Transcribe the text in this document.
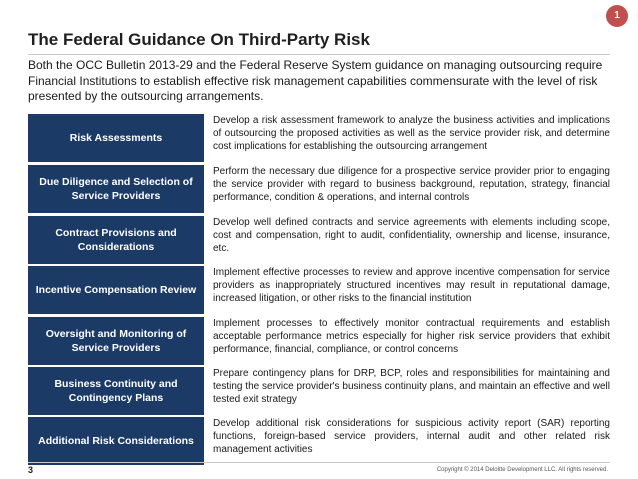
1
The Federal Guidance On Third-Party Risk

Both the OCC Bulletin 2013-29 and the Federal Reserve System guidance on managing outsourcing require Financial Institutions to establish effective risk management capabilities commensurate with the level of risk presented by the outsourcing arrangements.

Risk Assessments
Develop a risk assessment framework to analyze the business activities and implications of outsourcing the proposed activities as well as the service provider risk, and determine cost implications for establishing the outsourcing arrangement
Due Diligence and Selection of Service Providers
Perform the necessary due diligence for a prospective service provider prior to engaging the service provider with regard to business background, reputation, strategy, financial performance, condition & operations, and internal controls
Contract Provisions and Considerations
Develop well defined contracts and service agreements with elements including scope, cost and compensation, right to audit, confidentiality, ownership and license, insurance, etc.
Incentive Compensation Review
Implement effective processes to review and approve incentive compensation for service providers as inappropriately structured incentives may result in reputational damage, increased litigation, or other risks to the financial institution
Oversight and Monitoring of Service Providers
Implement processes to effectively monitor contractual requirements and establish acceptable performance metrics especially for higher risk service providers that exhibit performance, financial, compliance, or control concerns
Business Continuity and Contingency Plans
Prepare contingency plans for DRP, BCP, roles and responsibilities for maintaining and testing the service provider's business continuity plans, and maintain an effective and well tested exit strategy
Additional Risk Considerations
Develop additional risk considerations for suspicious activity report (SAR) reporting functions, foreign-based service providers, internal audit and other related risk management activities
3	Copyright © 2014 Deloitte Development LLC. All rights reserved.
